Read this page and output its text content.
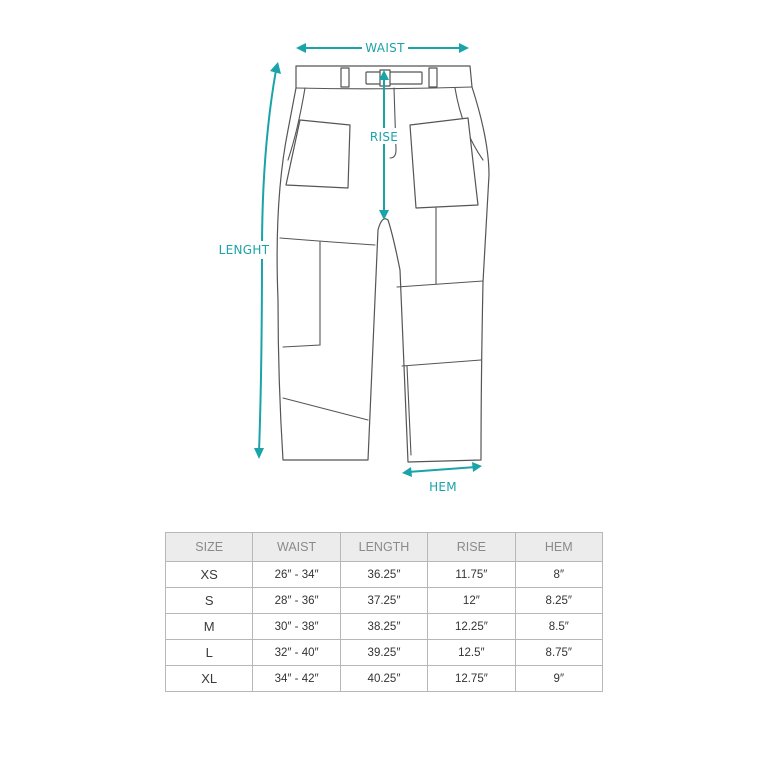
WAIST
RISE
LENGHT
HEM
SIZE	WAIST	LENGTH	RISE	HEM
XS	26″ - 34″	36.25″	11.75″	8″
S	28″ - 36″	37.25″	12″	8.25″
M	30″ - 38″	38.25″	12.25″	8.5″
L	32″ - 40″	39.25″	12.5″	8.75″
XL	34″ - 42″	40.25″	12.75″	9″
